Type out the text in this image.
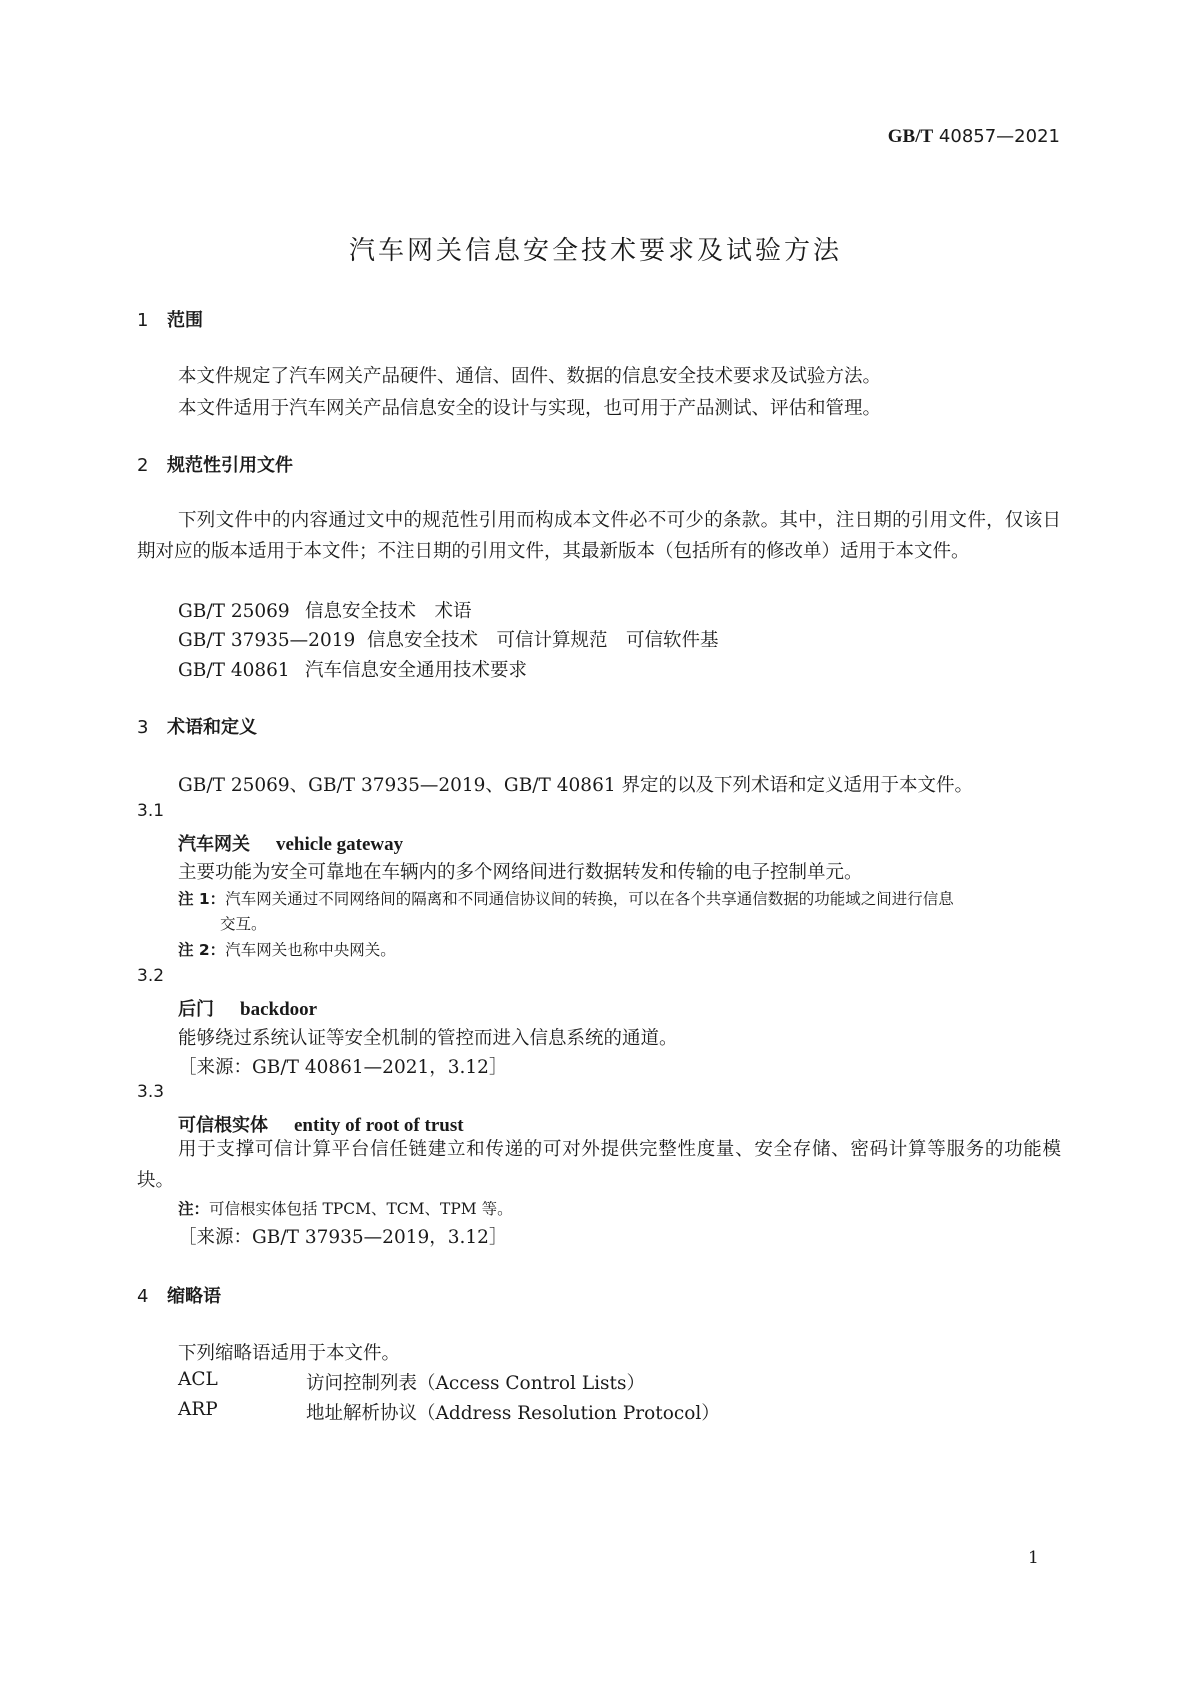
GB/T 40857—2021
汽车网关信息安全技术要求及试验方法
1 范围
本文件规定了汽车网关产品硬件、通信、固件、数据的信息安全技术要求及试验方法。
本文件适用于汽车网关产品信息安全的设计与实现，也可用于产品测试、评估和管理。
2 规范性引用文件
下列文件中的内容通过文中的规范性引用而构成本文件必不可少的条款。其中，注日期的引用文件，仅该日期对应的版本适用于本文件；不注日期的引用文件，其最新版本（包括所有的修改单）适用于本文件。
GB/T 25069 信息安全技术　术语
GB/T 37935—2019 信息安全技术　可信计算规范　可信软件基
GB/T 40861 汽车信息安全通用技术要求
3 术语和定义
GB/T 25069、GB/T 37935—2019、GB/T 40861 界定的以及下列术语和定义适用于本文件。
3.1
汽车网关 vehicle gateway
主要功能为安全可靠地在车辆内的多个网络间进行数据转发和传输的电子控制单元。
注 1：汽车网关通过不同网络间的隔离和不同通信协议间的转换，可以在各个共享通信数据的功能域之间进行信息
交互。
注 2：汽车网关也称中央网关。
3.2
后门 backdoor
能够绕过系统认证等安全机制的管控而进入信息系统的通道。
［来源：GB/T 40861—2021，3.12］
3.3
可信根实体 entity of root of trust
用于支撑可信计算平台信任链建立和传递的可对外提供完整性度量、安全存储、密码计算等服务的功能模块。
注：可信根实体包括 TPCM、TCM、TPM 等。
［来源：GB/T 37935—2019，3.12］
4 缩略语
下列缩略语适用于本文件。
ACL	访问控制列表（Access Control Lists）
ARP	地址解析协议（Address Resolution Protocol）
1
